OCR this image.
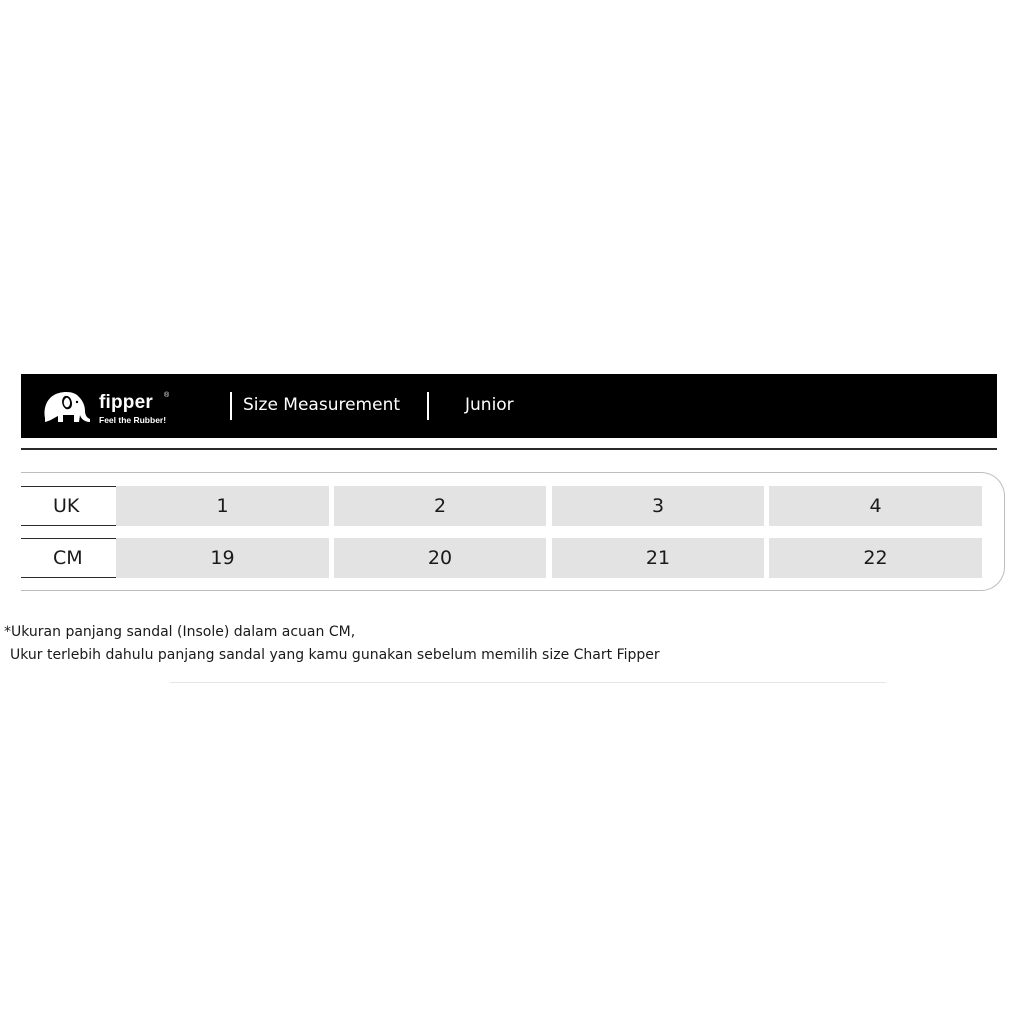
fipper ®
Feel the Rubber!
Size Measurement	Junior
UK	1	2	3	4
CM	19	20	21	22
*Ukuran panjang sandal (Insole) dalam acuan CM,
Ukur terlebih dahulu panjang sandal yang kamu gunakan sebelum memilih size Chart Fipper
